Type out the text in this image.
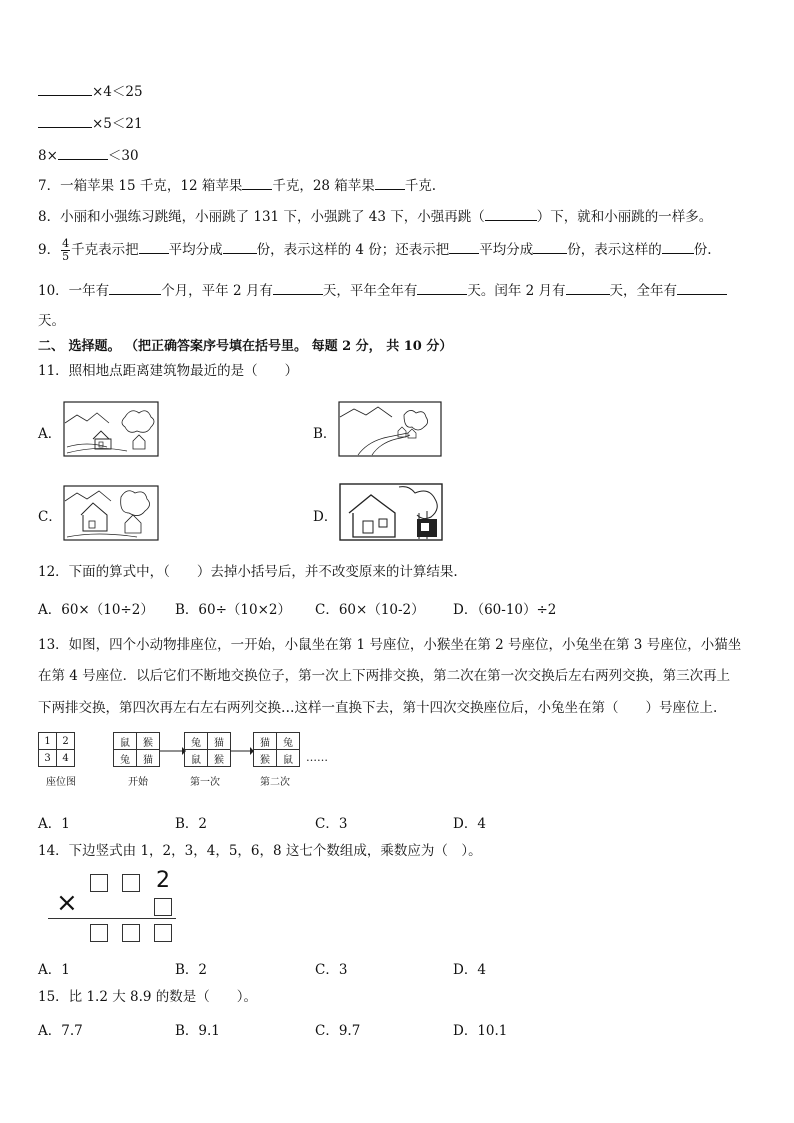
×4＜25
×5＜21
8×	＜30
7．一箱苹果 15 千克，12 箱苹果 千克，28 箱苹果 千克.
8．小丽和小强练习跳绳，小丽跳了 131 下，小强跳了 43 下，小强再跳（	）下，就和小丽跳的一样多。
9． $\frac{4}{5}$ 千克表示把 平均分成	份，表示这样的 4 份；还表示把 平均分成	份，表示这样的 份.
10．一年有	个月，平年 2 月有	天，平年全年有	天。闰年 2 月有	天，全年有
天。
二、 选择题。 （把正确答案序号填在括号里。 每题 2 分， 共 10 分）
11．照相地点距离建筑物最近的是（　　）
A．	B．
C．	D．
12．下面的算式中，（　　）去掉小括号后，并不改变原来的计算结果.
A．60×（10÷2） B．60÷（10×2） C．60×（10-2） D．（60-10）÷2
13．如图，四个小动物排座位，一开始，小鼠坐在第 1 号座位，小猴坐在第 2 号座位，小兔坐在第 3 号座位，小猫坐
在第 4 号座位．以后它们不断地交换位子，第一次上下两排交换，第二次在第一次交换后左右两列交换，第三次再上
下两排交换，第四次再左右左右两列交换…这样一直换下去，第十四次交换座位后，小兔坐在第（　　）号座位上.
1	2
3	4
座位图
鼠	猴
兔	猫
开始
兔	猫
鼠	猴
第一次
猫	兔
猴	鼠
第二次
……
A．1	B．2	C．3	D．4
14．下边竖式由 1，2，3，4，5，6，8 这七个数组成，乘数应为（　）。
2
×
A．1	B．2	C．3	D．4
15．比 1.2 大 8.9 的数是（　　）。
A．7.7	B．9.1	C．9.7	D．10.1
